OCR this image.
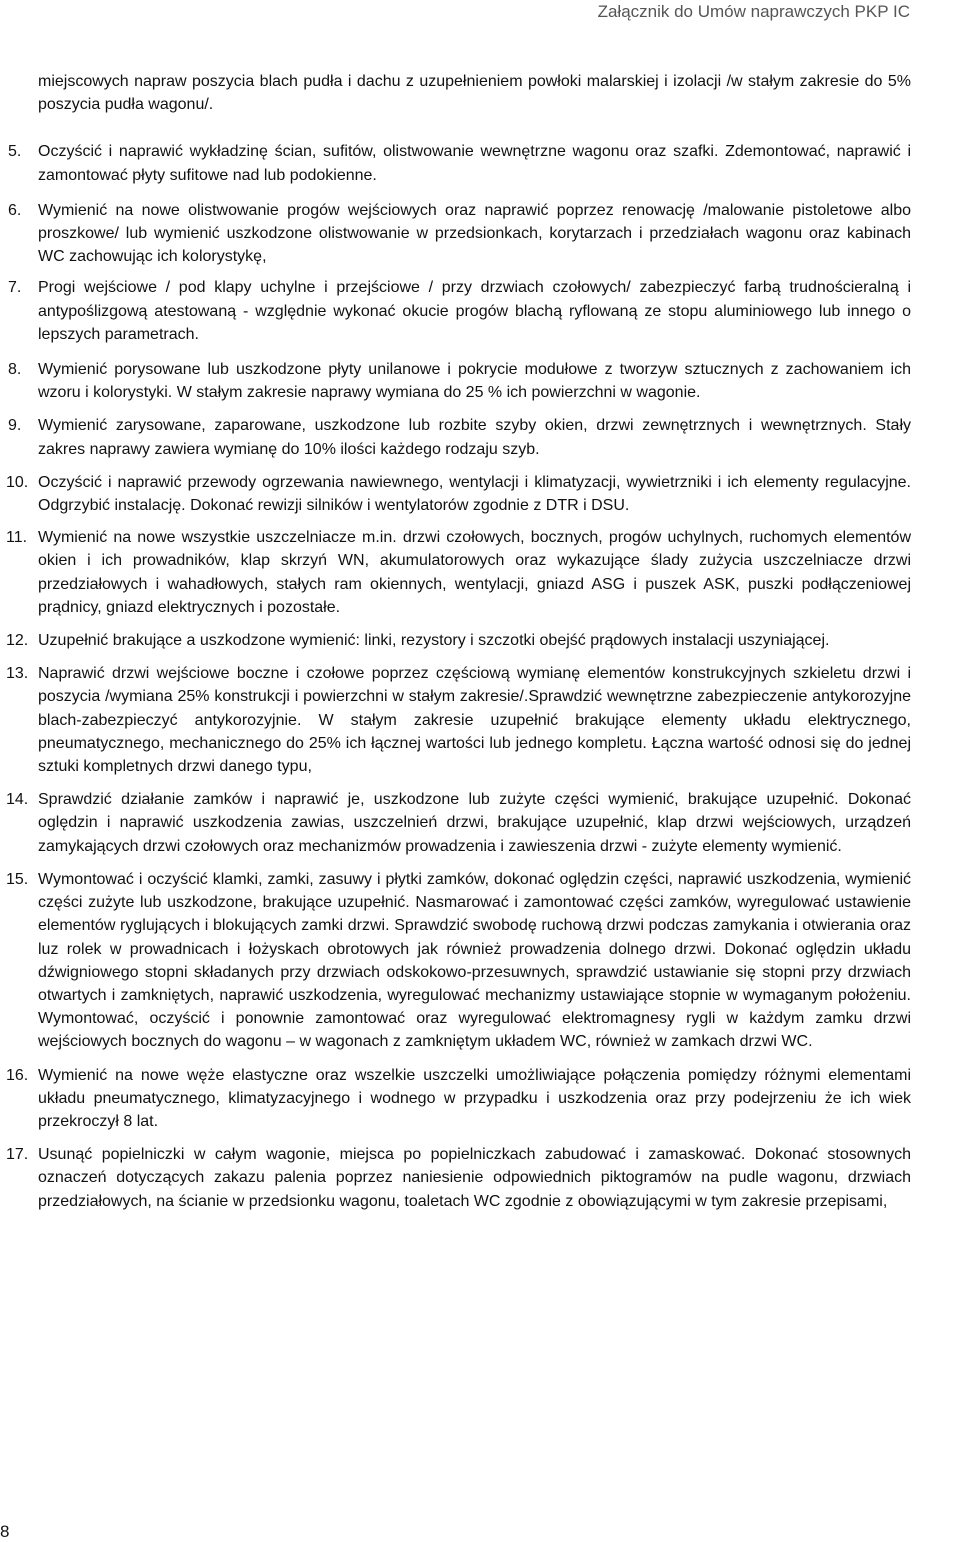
Załącznik do Umów naprawczych PKP IC

miejscowych napraw poszycia blach pudła i dachu z uzupełnieniem powłoki malarskiej i izolacji /w stałym zakresie do 5% poszycia pudła wagonu/.

5.	Oczyścić i naprawić wykładzinę ścian, sufitów, olistwowanie wewnętrzne wagonu oraz szafki. Zdemontować, naprawić i zamontować płyty sufitowe nad lub podokienne.
6.	Wymienić na nowe olistwowanie progów wejściowych oraz naprawić poprzez renowację /malowanie pistoletowe albo proszkowe/ lub wymienić uszkodzone olistwowanie w przedsionkach, korytarzach i przedziałach wagonu oraz kabinach WC zachowując ich kolorystykę,
7.	Progi wejściowe / pod klapy uchylne i przejściowe / przy drzwiach czołowych/ zabezpieczyć farbą trudnościeralną i antypoślizgową atestowaną - względnie wykonać okucie progów blachą ryflowaną ze stopu aluminiowego lub innego o lepszych parametrach.
8.	Wymienić porysowane lub uszkodzone płyty unilanowe i pokrycie modułowe z tworzyw sztucznych z zachowaniem ich wzoru i kolorystyki. W stałym zakresie naprawy wymiana do 25 % ich powierzchni w wagonie.
9.	Wymienić zarysowane, zaparowane, uszkodzone lub rozbite szyby okien, drzwi zewnętrznych i wewnętrznych. Stały zakres naprawy zawiera wymianę do 10% ilości każdego rodzaju szyb.
10. Oczyścić i naprawić przewody ogrzewania nawiewnego, wentylacji i klimatyzacji, wywietrzniki i ich elementy regulacyjne. Odgrzybić instalację. Dokonać rewizji silników i wentylatorów zgodnie z DTR i DSU.
11. Wymienić na nowe wszystkie uszczelniacze m.in. drzwi czołowych, bocznych, progów uchylnych, ruchomych elementów okien i ich prowadników, klap skrzyń WN, akumulatorowych oraz wykazujące ślady zużycia uszczelniacze drzwi przedziałowych i wahadłowych, stałych ram okiennych, wentylacji, gniazd ASG i puszek ASK, puszki podłączeniowej prądnicy, gniazd elektrycznych i pozostałe.
12. Uzupełnić brakujące a uszkodzone wymienić: linki, rezystory i szczotki obejść prądowych instalacji uszyniającej.
13. Naprawić drzwi wejściowe boczne i czołowe poprzez częściową wymianę elementów konstrukcyjnych szkieletu drzwi i poszycia /wymiana 25% konstrukcji i powierzchni w stałym zakresie/.Sprawdzić wewnętrzne zabezpieczenie antykorozyjne blach-zabezpieczyć antykorozyjnie. W stałym zakresie uzupełnić brakujące elementy układu elektrycznego, pneumatycznego, mechanicznego do 25% ich łącznej wartości lub jednego kompletu. Łączna wartość odnosi się do jednej sztuki kompletnych drzwi danego typu,
14. Sprawdzić działanie zamków i naprawić je, uszkodzone lub zużyte części wymienić, brakujące uzupełnić. Dokonać oględzin i naprawić uszkodzenia zawias, uszczelnień drzwi, brakujące uzupełnić, klap drzwi wejściowych, urządzeń zamykających drzwi czołowych oraz mechanizmów prowadzenia i zawieszenia drzwi - zużyte elementy wymienić.
15. Wymontować i oczyścić klamki, zamki, zasuwy i płytki zamków, dokonać oględzin części, naprawić uszkodzenia, wymienić części zużyte lub uszkodzone, brakujące uzupełnić. Nasmarować i zamontować części zamków, wyregulować ustawienie elementów ryglujących i blokujących zamki drzwi. Sprawdzić swobodę ruchową drzwi podczas zamykania i otwierania oraz luz rolek w prowadnicach i łożyskach obrotowych jak również prowadzenia dolnego drzwi. Dokonać oględzin układu dźwigniowego stopni składanych przy drzwiach odskokowo-przesuwnych, sprawdzić ustawianie się stopni przy drzwiach otwartych i zamkniętych, naprawić uszkodzenia, wyregulować mechanizmy ustawiające stopnie w wymaganym położeniu. Wymontować, oczyścić i ponownie zamontować oraz wyregulować elektromagnesy rygli w każdym zamku drzwi wejściowych bocznych do wagonu – w wagonach z zamkniętym układem WC, również w zamkach drzwi WC.
16. Wymienić na nowe węże elastyczne oraz wszelkie uszczelki umożliwiające połączenia pomiędzy różnymi elementami układu pneumatycznego, klimatyzacyjnego i wodnego w przypadku i uszkodzenia oraz przy podejrzeniu że ich wiek przekroczył 8 lat.
17. Usunąć popielniczki w całym wagonie, miejsca po popielniczkach zabudować i zamaskować. Dokonać stosownych oznaczeń dotyczących zakazu palenia poprzez naniesienie odpowiednich piktogramów na pudle wagonu, drzwiach przedziałowych, na ścianie w przedsionku wagonu, toaletach WC zgodnie z obowiązującymi w tym zakresie przepisami,
8
